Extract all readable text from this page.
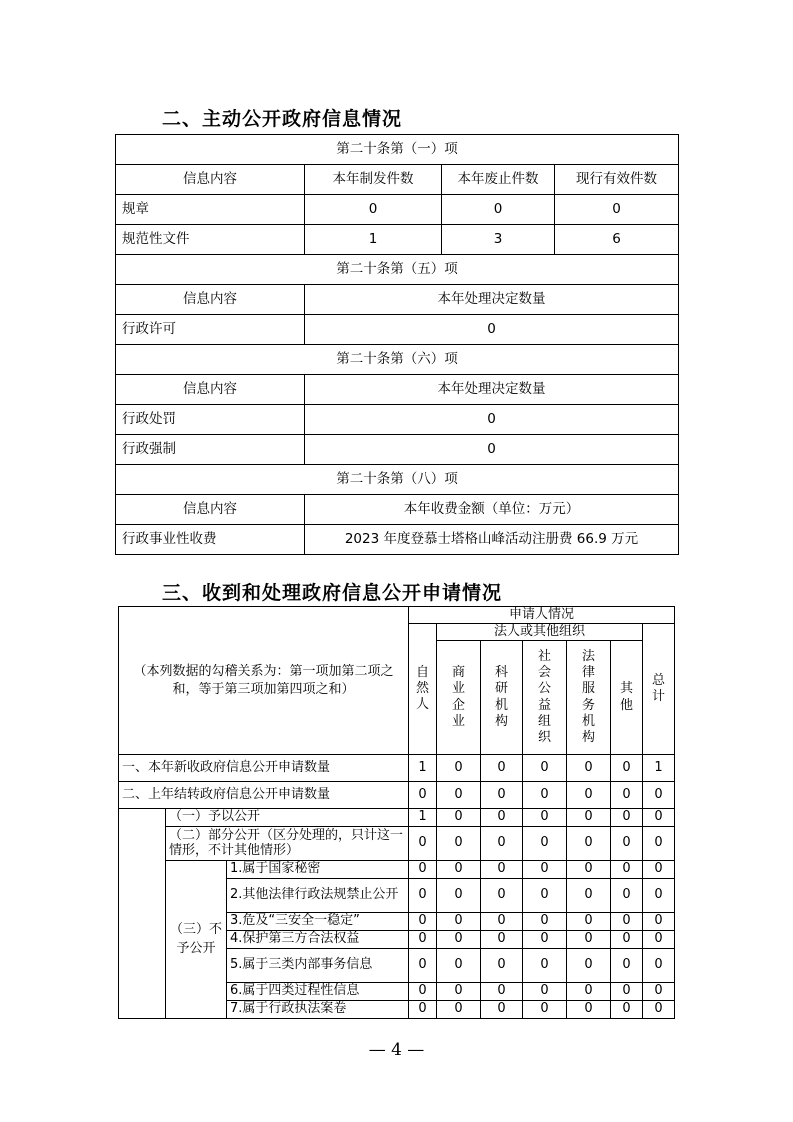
二、主动公开政府信息情况
第二十条第（一）项			
信息内容	本年制发件数	本年废止件数	现行有效件数
规章	0	0	0
规范性文件	1	3	6
第二十条第（五）项			
信息内容	本年处理决定数量		
行政许可	0		
第二十条第（六）项			
信息内容	本年处理决定数量		
行政处罚	0		
行政强制	0		
第二十条第（八）项			
信息内容	本年收费金额（单位：万元）		
行政事业性收费	2023 年度登慕士塔格山峰活动注册费 66.9 万元		
三、收到和处理政府信息公开申请情况
（本列数据的勾稽关系为：第一项加第二项之和，等于第三项加第四项之和）			申请人情况						
			自然人	法人或其他组织					总计
				商业企业	科研机构	社会公益组织	法律服务机构	其他	
一、本年新收政府信息公开申请数量			1	0	0	0	0	0	1
二、上年结转政府信息公开申请数量			0	0	0	0	0	0	0
	（一）予以公开		1	0	0	0	0	0	0
	（二）部分公开（区分处理的，只计这一情形，不计其他情形）		0	0	0	0	0	0	0

	（三）不予公开	1.属于国家秘密	0	0	0	0	0	0	0
		2.其他法律行政法规禁止公开	0	0	0	0	0	0	0
		3.危及“三安全一稳定”	0	0	0	0	0	0	0
		4.保护第三方合法权益	0	0	0	0	0	0	0
		5.属于三类内部事务信息	0	0	0	0	0	0	0
		6.属于四类过程性信息	0	0	0	0	0	0	0
		7.属于行政执法案卷	0	0	0	0	0	0	0
— 4 —
